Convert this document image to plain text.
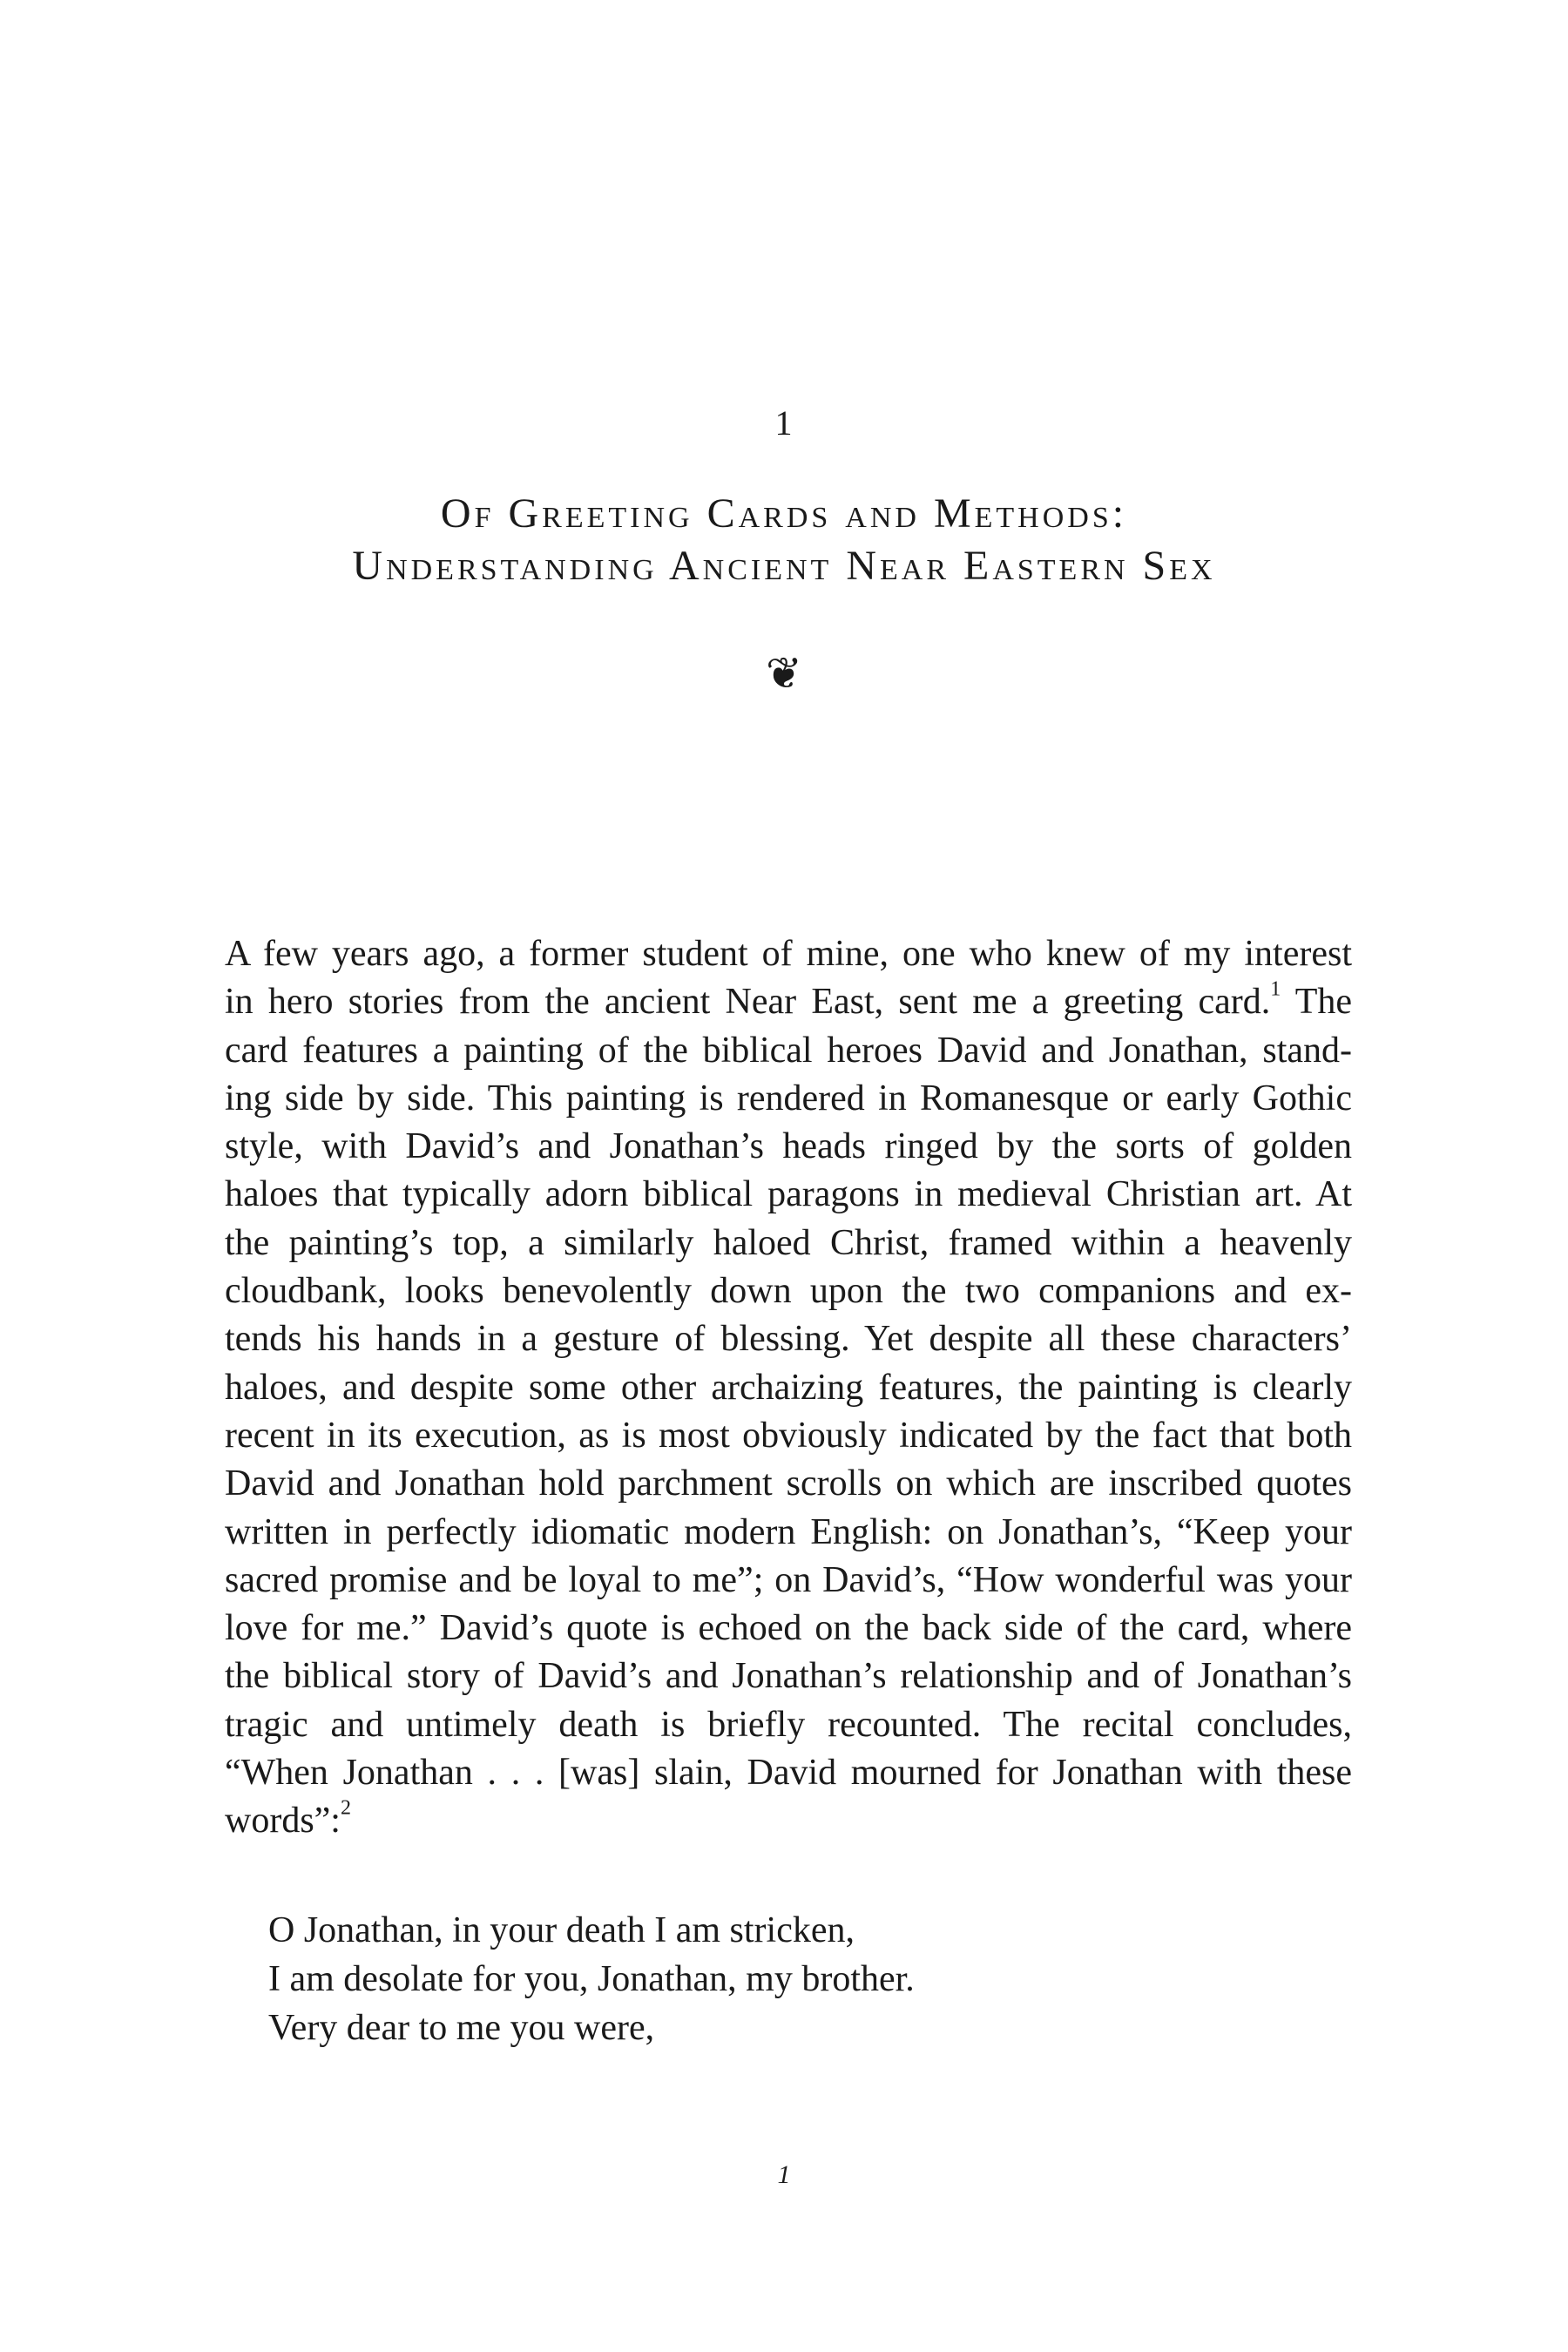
1
Of Greeting Cards and Methods:
Understanding Ancient Near Eastern Sex
❦
A few years ago, a former student of mine, one who knew of my interest
in hero stories from the ancient Near East, sent me a greeting card.$^1$ The
card features a painting of the biblical heroes David and Jonathan, stand-
ing side by side. This painting is rendered in Romanesque or early Gothic
style, with David’s and Jonathan’s heads ringed by the sorts of golden
haloes that typically adorn biblical paragons in medieval Christian art. At
the painting’s top, a similarly haloed Christ, framed within a heavenly
cloudbank, looks benevolently down upon the two companions and ex-
tends his hands in a gesture of blessing. Yet despite all these characters’
haloes, and despite some other archaizing features, the painting is clearly
recent in its execution, as is most obviously indicated by the fact that both
David and Jonathan hold parchment scrolls on which are inscribed quotes
written in perfectly idiomatic modern English: on Jonathan’s, “Keep your
sacred promise and be loyal to me”; on David’s, “How wonderful was your
love for me.” David’s quote is echoed on the back side of the card, where
the biblical story of David’s and Jonathan’s relationship and of Jonathan’s
tragic and untimely death is briefly recounted. The recital concludes,
“When Jonathan . . . [was] slain, David mourned for Jonathan with these
words”:$^2$
O Jonathan, in your death I am stricken,
I am desolate for you, Jonathan, my brother.
Very dear to me you were,
1
